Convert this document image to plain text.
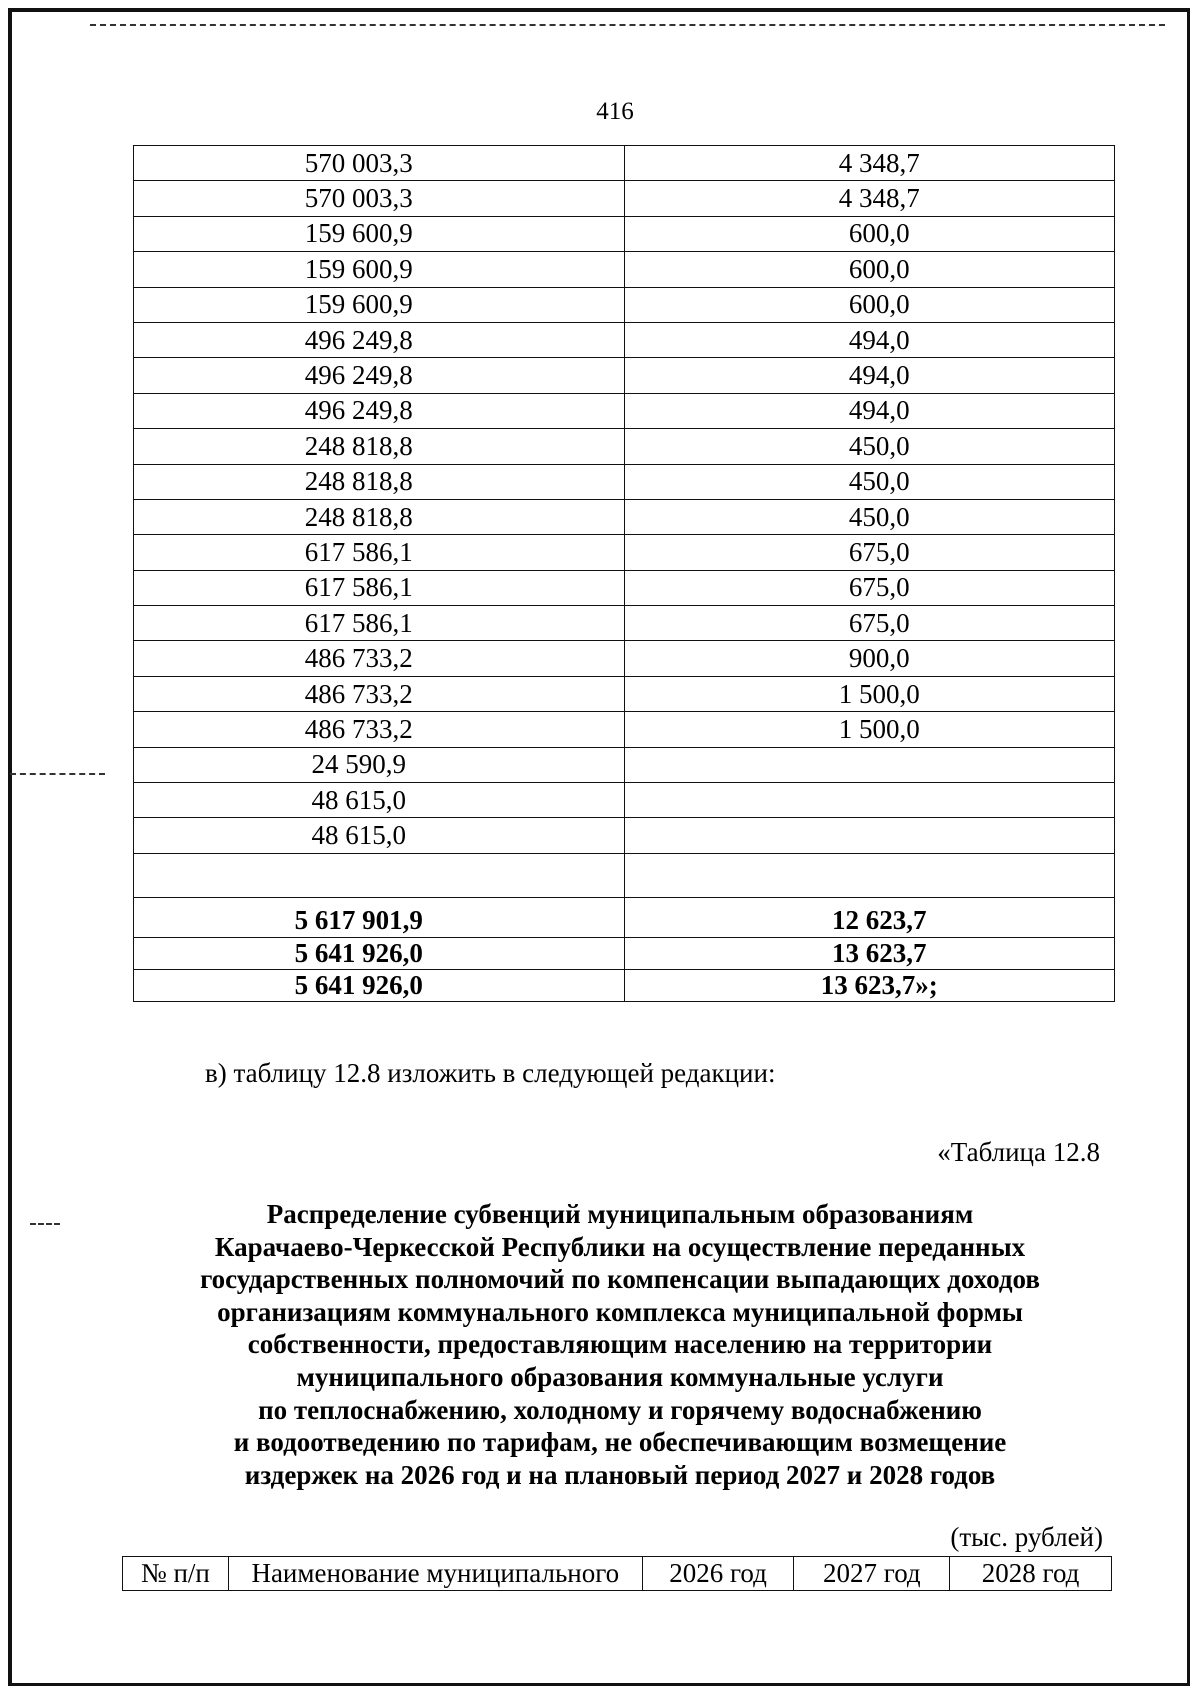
416
570 003,3	4 348,7
570 003,3	4 348,7
159 600,9	600,0
159 600,9	600,0
159 600,9	600,0
496 249,8	494,0
496 249,8	494,0
496 249,8	494,0
248 818,8	450,0
248 818,8	450,0
248 818,8	450,0
617 586,1	675,0
617 586,1	675,0
617 586,1	675,0
486 733,2	900,0
486 733,2	1 500,0
486 733,2	1 500,0
24 590,9	
48 615,0	
48 615,0	

5 617 901,9	12 623,7
5 641 926,0	13 623,7
5 641 926,0	13 623,7»;
в) таблицу 12.8 изложить в следующей редакции:
«Таблица 12.8
Распределение субвенций муниципальным образованиям
Карачаево-Черкесской Республики на осуществление переданных
государственных полномочий по компенсации выпадающих доходов
организациям коммунального комплекса муниципальной формы
собственности, предоставляющим населению на территории
муниципального образования коммунальные услуги
по теплоснабжению, холодному и горячему водоснабжению
и водоотведению по тарифам, не обеспечивающим возмещение
издержек на 2026 год и на плановый период 2027 и 2028 годов
(тыс. рублей)
№ п/п	Наименование муниципального	2026 год	2027 год	2028 год
